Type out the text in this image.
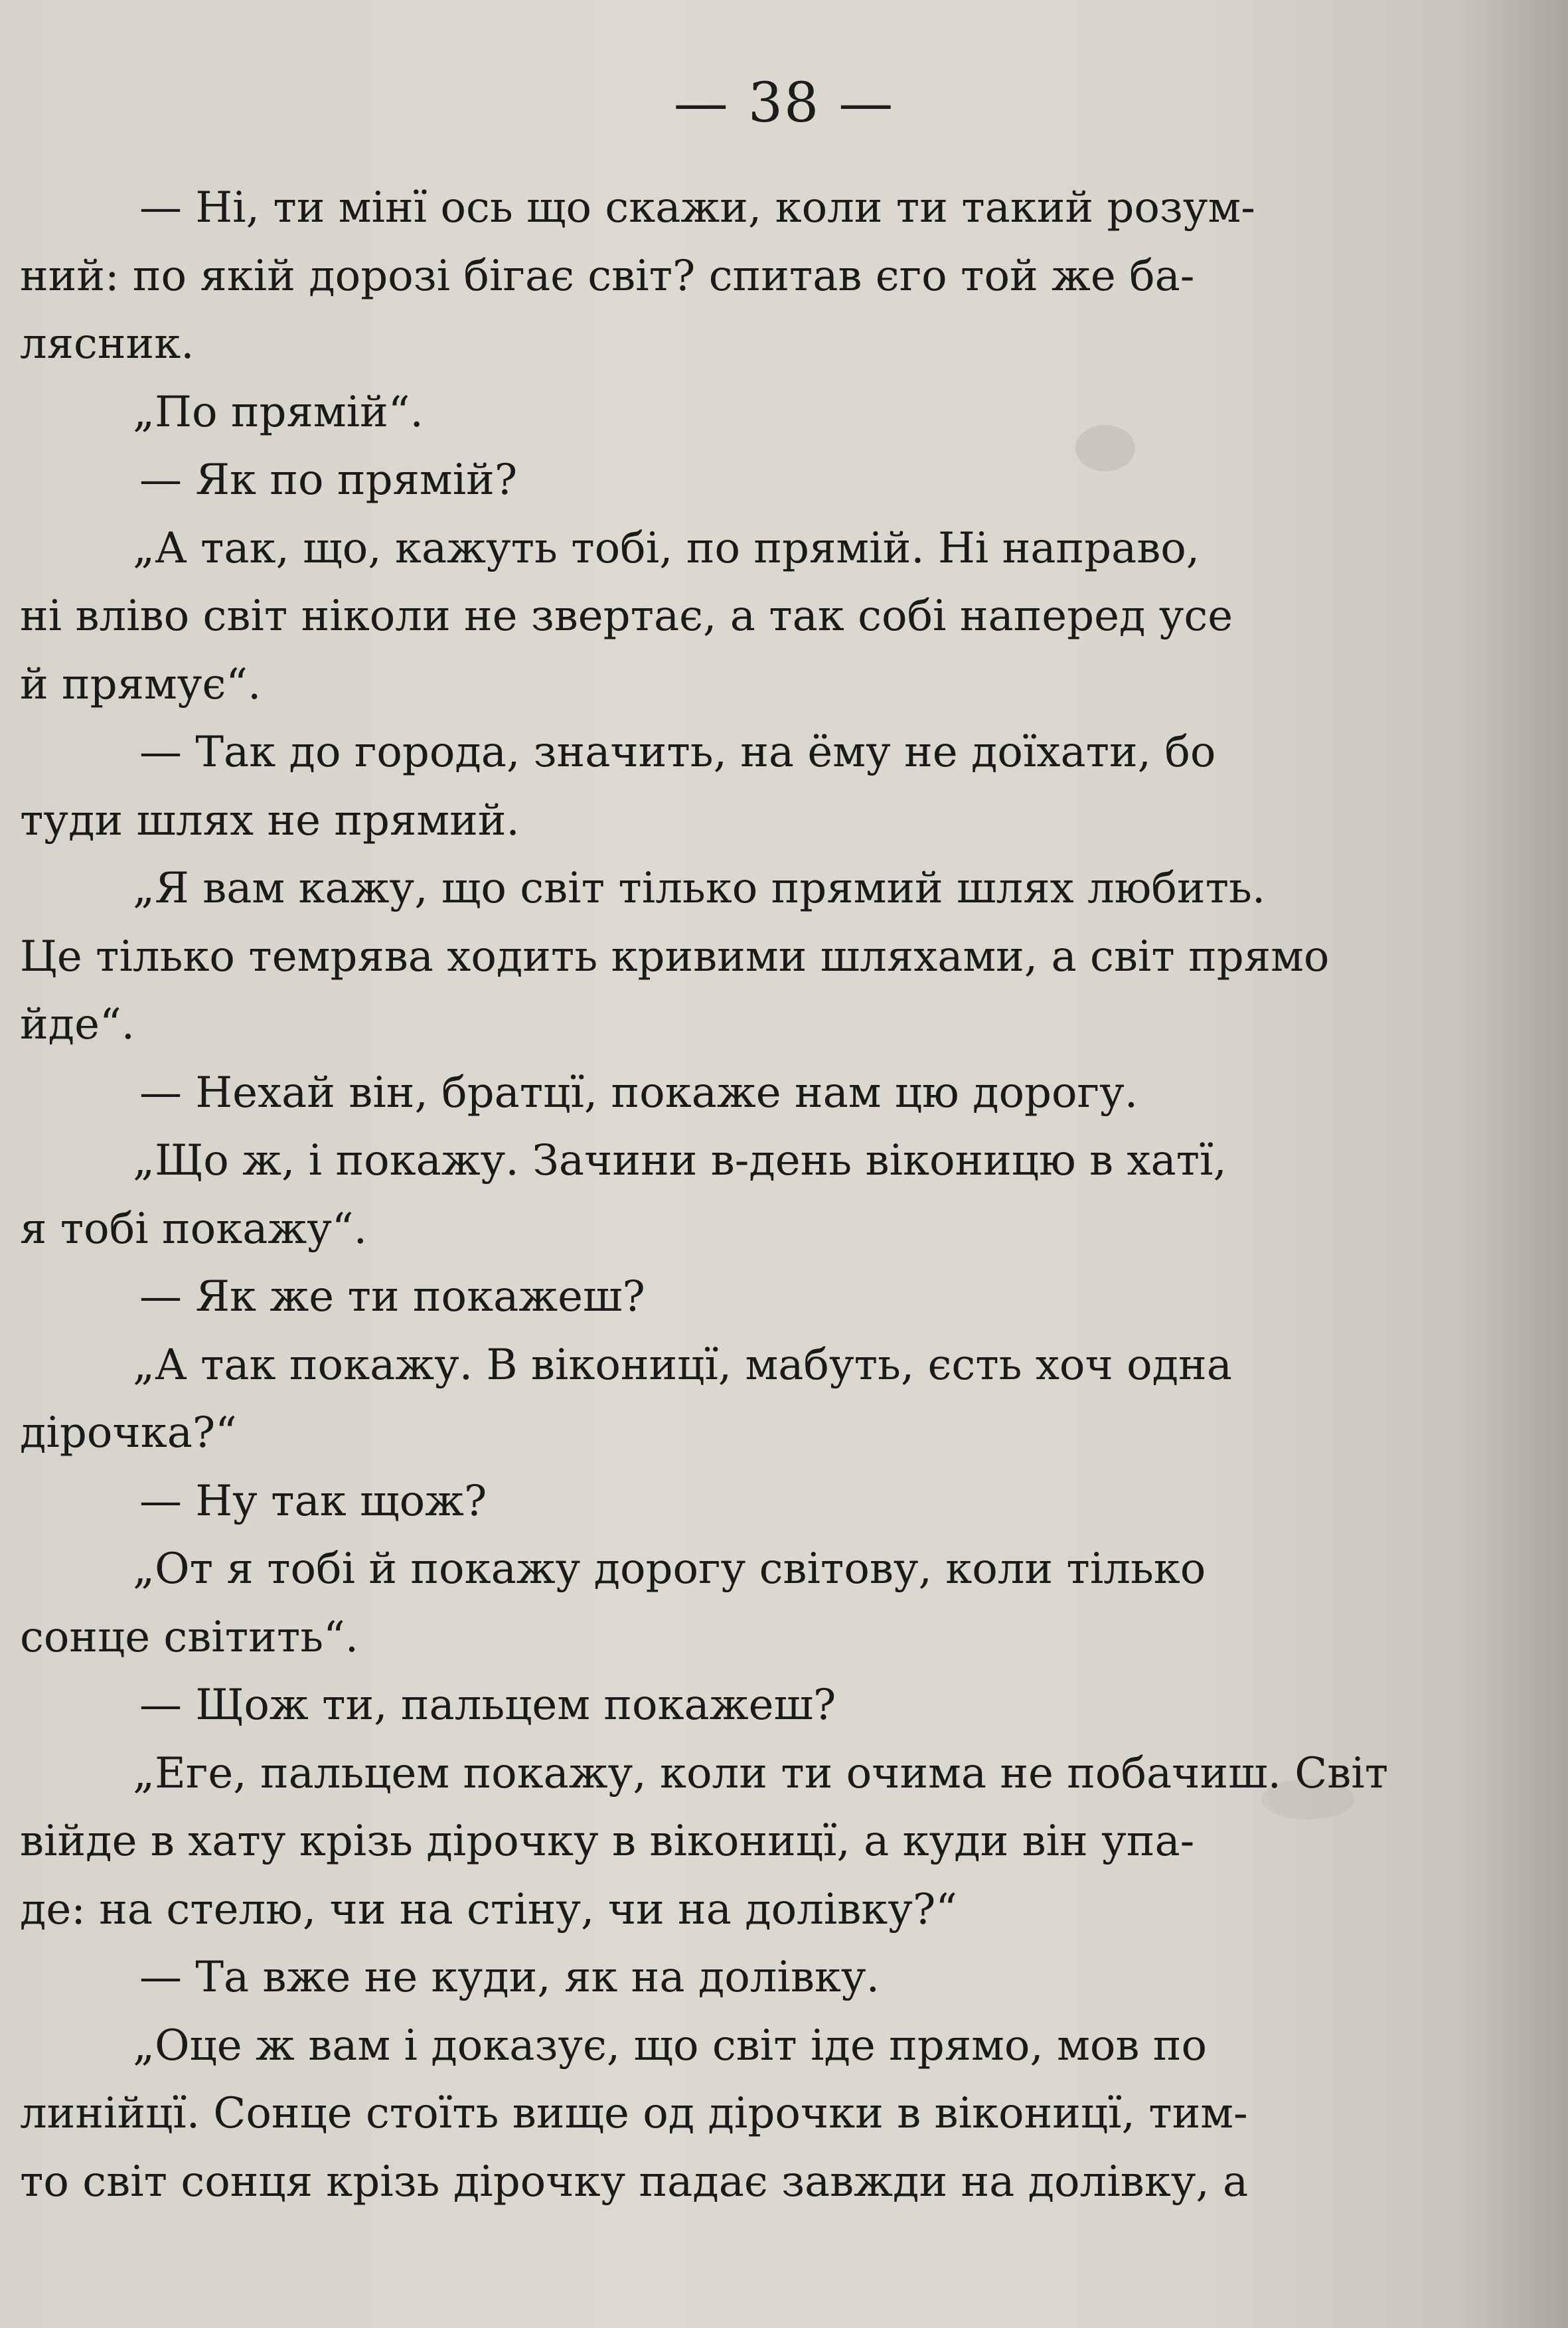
— 38 —
— Ні, ти мінї ось що скажи, коли ти такий розум-
ний: по якій дорозі бігає світ? спитав єго той же ба-
лясник.
„По прямій“.
— Як по прямій?
„А так, що, кажуть тобі, по прямій. Ні направо,
ні вліво світ ніколи не звертає, а так собі наперед усе
й прямує“.
— Так до города, значить, на ёму не доїхати, бо
туди шлях не прямий.
„Я вам кажу, що світ тілько прямий шлях любить.
Це тілько темрява ходить кривими шляхами, а світ прямо
йде“.
— Нехай він, братцї, покаже нам цю дорогу.
„Що ж, і покажу. Зачини в-день віконицю в хатї,
я тобі покажу“.
— Як же ти покажеш?
„А так покажу. В віконицї, мабуть, єсть хоч одна
дірочка?“
— Ну так щож?
„От я тобі й покажу дорогу світову, коли тілько
сонце світить“.
— Щож ти, пальцем покажеш?
„Еге, пальцем покажу, коли ти очима не побачиш. Світ
війде в хату крізь дірочку в віконицї, а куди він упа-
де: на стелю, чи на стіну, чи на долівку?“
— Та вже не куди, як на долівку.
„Оце ж вам і доказує, що світ іде прямо, мов по
линійцї. Сонце стоїть вище од дірочки в віконицї, тим-
то світ сонця крізь дірочку падає завжди на долівку, а
